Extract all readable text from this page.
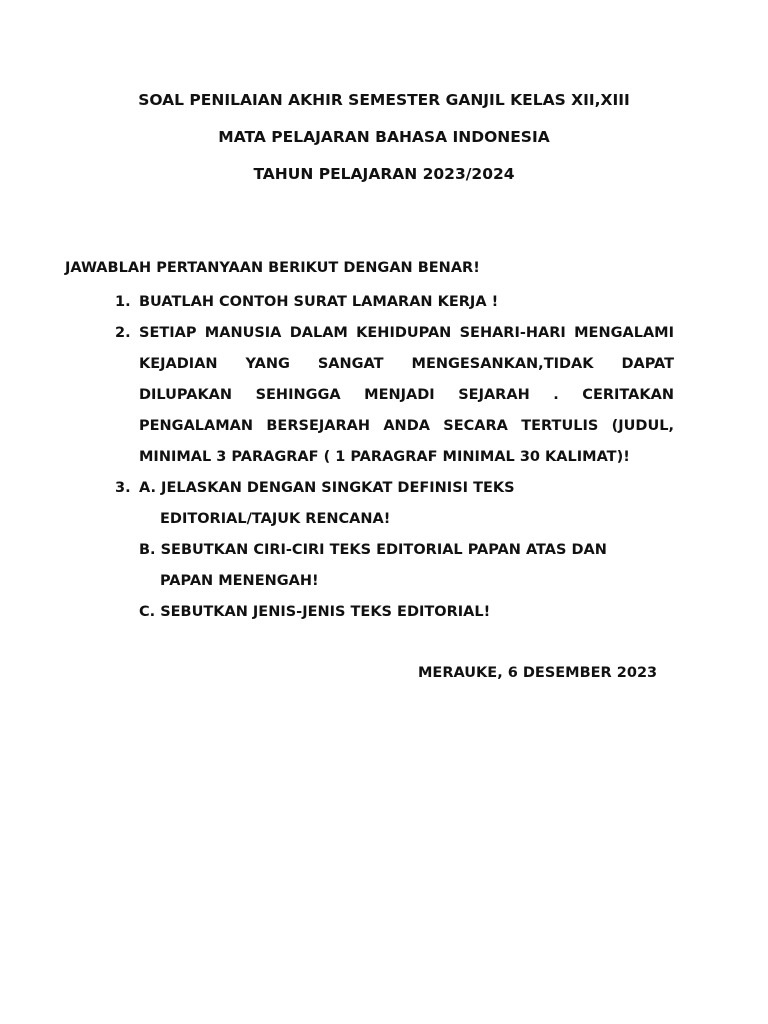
SOAL PENILAIAN AKHIR SEMESTER GANJIL KELAS XII,XIII
MATA PELAJARAN BAHASA INDONESIA
TAHUN PELAJARAN 2023/2024
JAWABLAH PERTANYAAN BERIKUT DENGAN BENAR!
1. BUATLAH CONTOH SURAT LAMARAN KERJA !
2. SETIAP MANUSIA DALAM KEHIDUPAN SEHARI-HARI MENGALAMI KEJADIAN YANG SANGAT MENGESANKAN,TIDAK DAPAT DILUPAKAN SEHINGGA MENJADI SEJARAH . CERITAKAN PENGALAMAN BERSEJARAH ANDA SECARA TERTULIS (JUDUL, MINIMAL 3 PARAGRAF ( 1 PARAGRAF MINIMAL 30 KALIMAT)!
3. A. JELASKAN DENGAN SINGKAT DEFINISI TEKS EDITORIAL/TAJUK RENCANA!
B. SEBUTKAN CIRI-CIRI TEKS EDITORIAL PAPAN ATAS DAN PAPAN MENENGAH!
C. SEBUTKAN JENIS-JENIS TEKS EDITORIAL!
MERAUKE, 6 DESEMBER 2023
